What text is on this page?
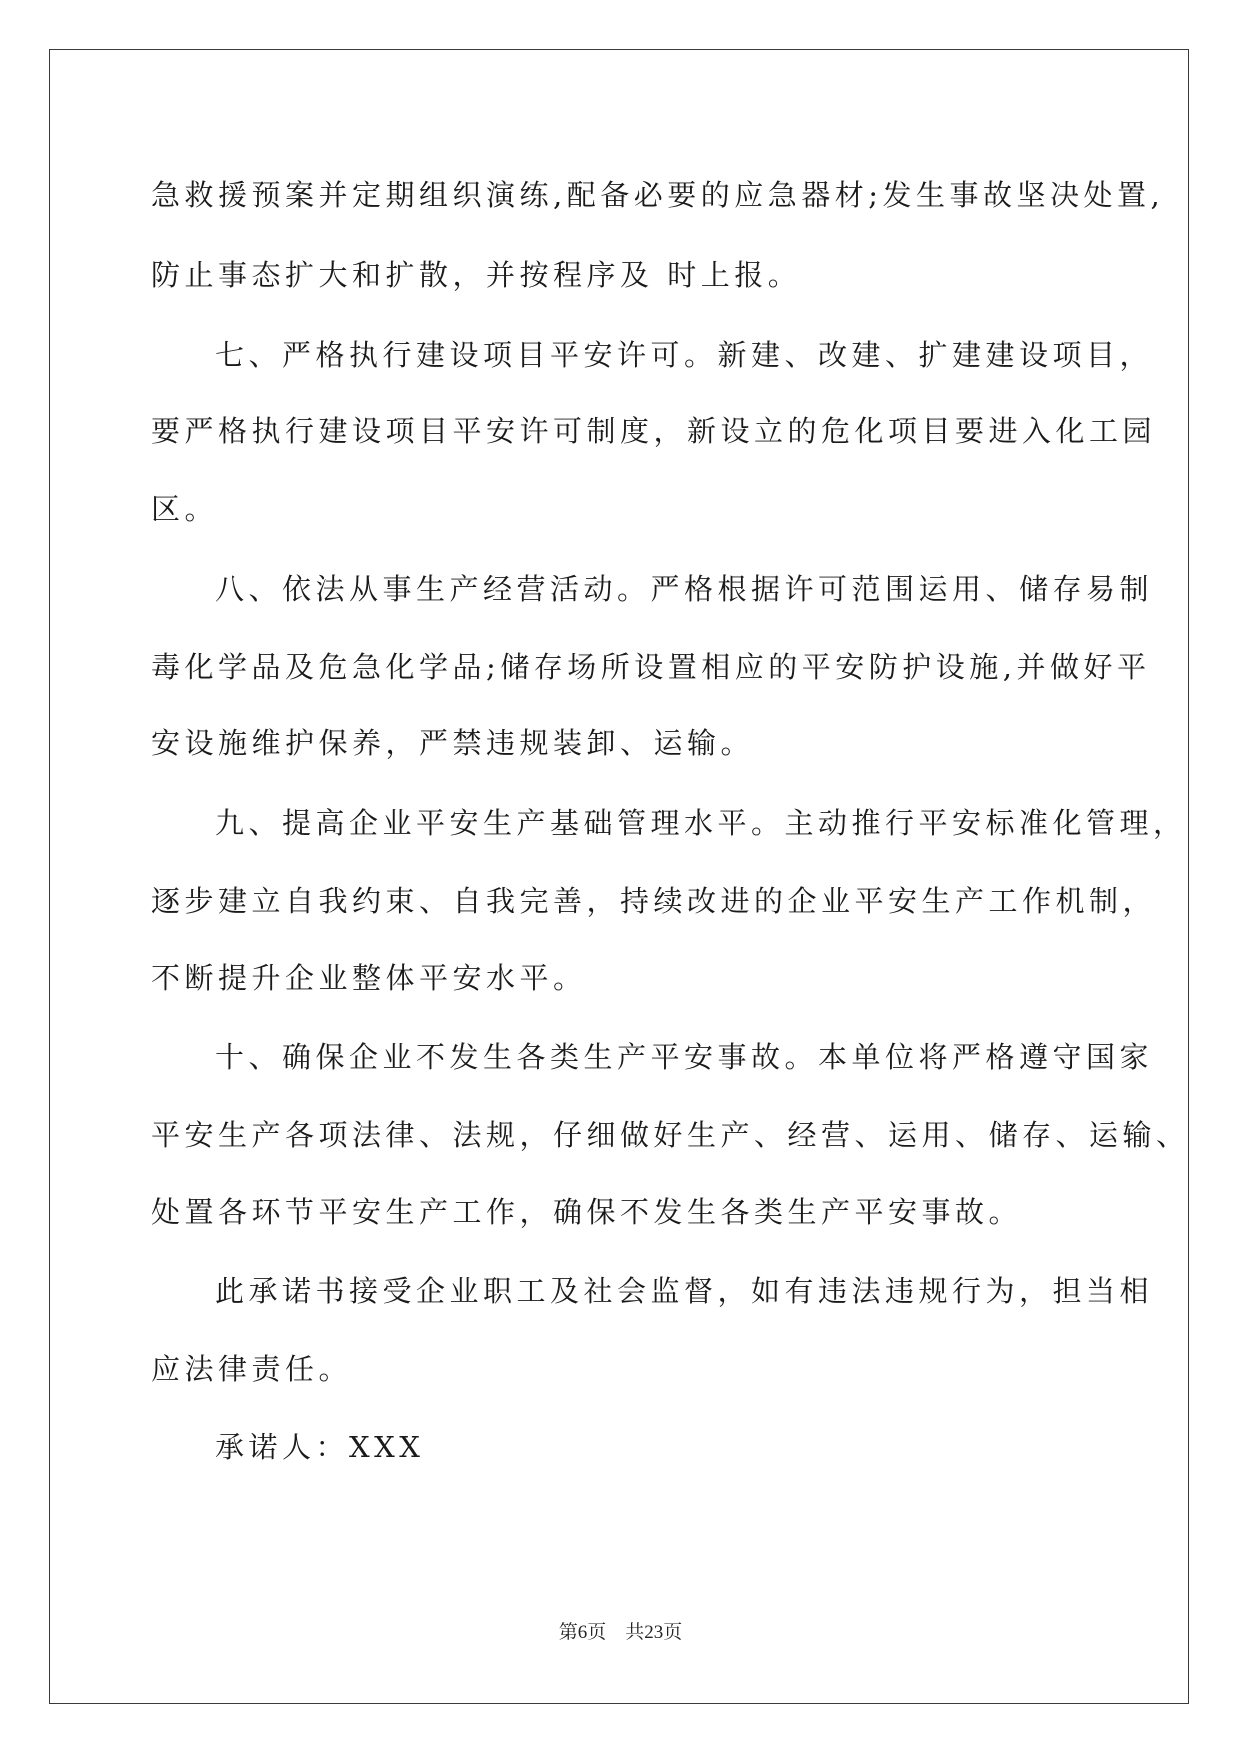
急救援预案并定期组织演练,配备必要的应急器材;发生事故坚决处置,
防止事态扩大和扩散，并按程序及 时上报。
七、严格执行建设项目平安许可。新建、改建、扩建建设项目，
要严格执行建设项目平安许可制度，新设立的危化项目要进入化工园
区。
八、依法从事生产经营活动。严格根据许可范围运用、储存易制
毒化学品及危急化学品;储存场所设置相应的平安防护设施,并做好平
安设施维护保养，严禁违规装卸、运输。
九、提高企业平安生产基础管理水平。主动推行平安标准化管理，
逐步建立自我约束、自我完善，持续改进的企业平安生产工作机制，
不断提升企业整体平安水平。
十、确保企业不发生各类生产平安事故。本单位将严格遵守国家
平安生产各项法律、法规，仔细做好生产、经营、运用、储存、运输、
处置各环节平安生产工作，确保不发生各类生产平安事故。
此承诺书接受企业职工及社会监督，如有违法违规行为，担当相
应法律责任。
承诺人：XXX
第6页　共23页
